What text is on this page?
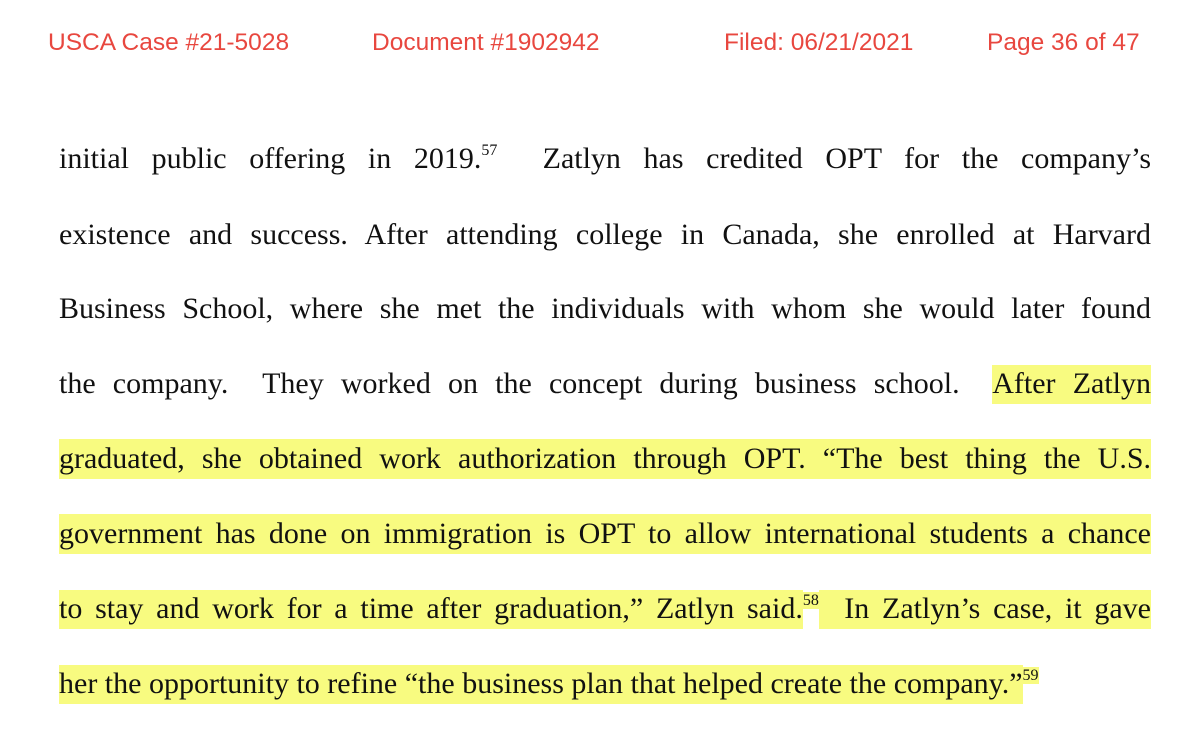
USCA Case #21-5028	Document #1902942	Filed: 06/21/2021	Page 36 of 47
initial public offering in 2019.57  Zatlyn has credited OPT for the company’s
existence and success. After attending college in Canada, she enrolled at Harvard
Business School, where she met the individuals with whom she would later found
the company.  They worked on the concept during business school.  After Zatlyn
graduated, she obtained work authorization through OPT. “The best thing the U.S.
government has done on immigration is OPT to allow international students a chance
to stay and work for a time after graduation,” Zatlyn said.$^{58}$  In Zatlyn’s case, it gave
her the opportunity to refine “the business plan that helped create the company.”$^{59}$
